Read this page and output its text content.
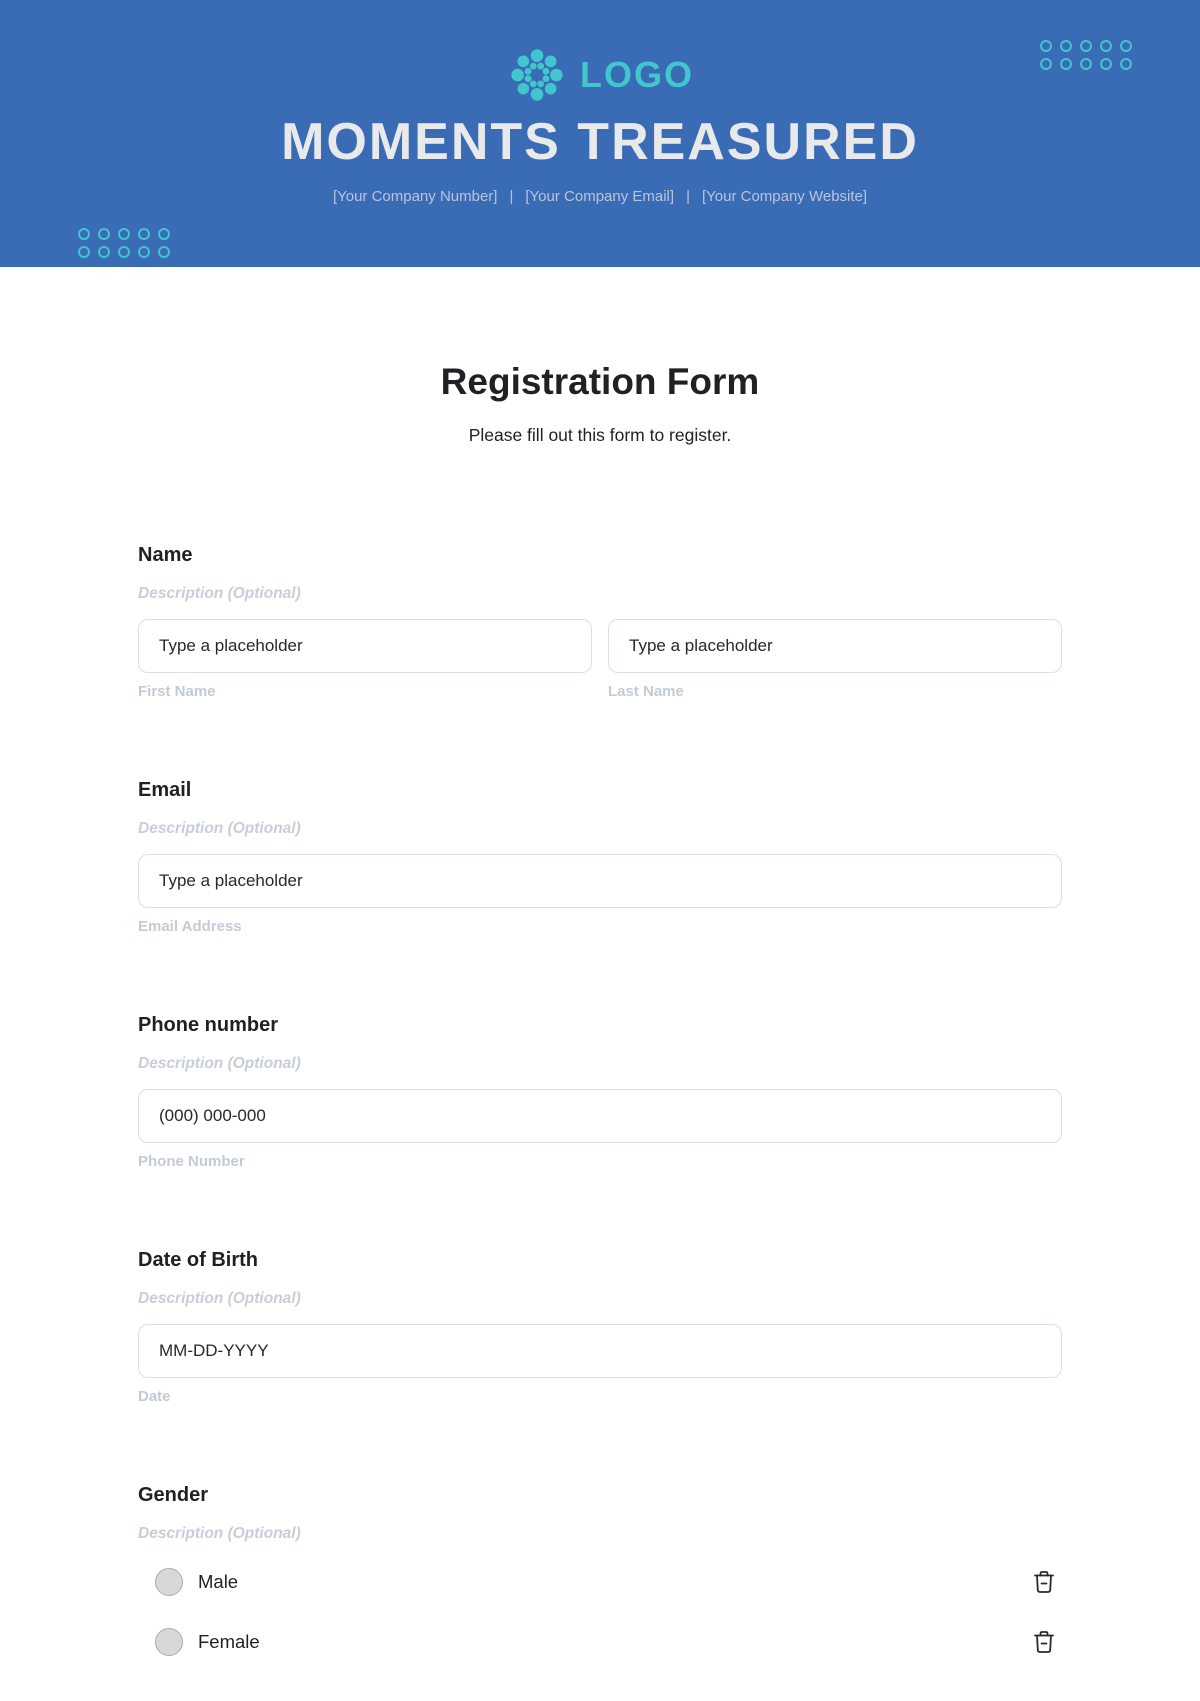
LOGO
MOMENTS TREASURED
[Your Company Number] | [Your Company Email] | [Your Company Website]
Registration Form
Please fill out this form to register.
Name
Description (Optional)
Type a placeholder
First Name
Type a placeholder	Last Name
Email
Description (Optional)
Type a placeholder
Email Address
Phone number
Description (Optional)
(000) 000-000
Phone Number
Date of Birth
Description (Optional)
MM-DD-YYYY
Date
Gender
Description (Optional)
Male
Female
